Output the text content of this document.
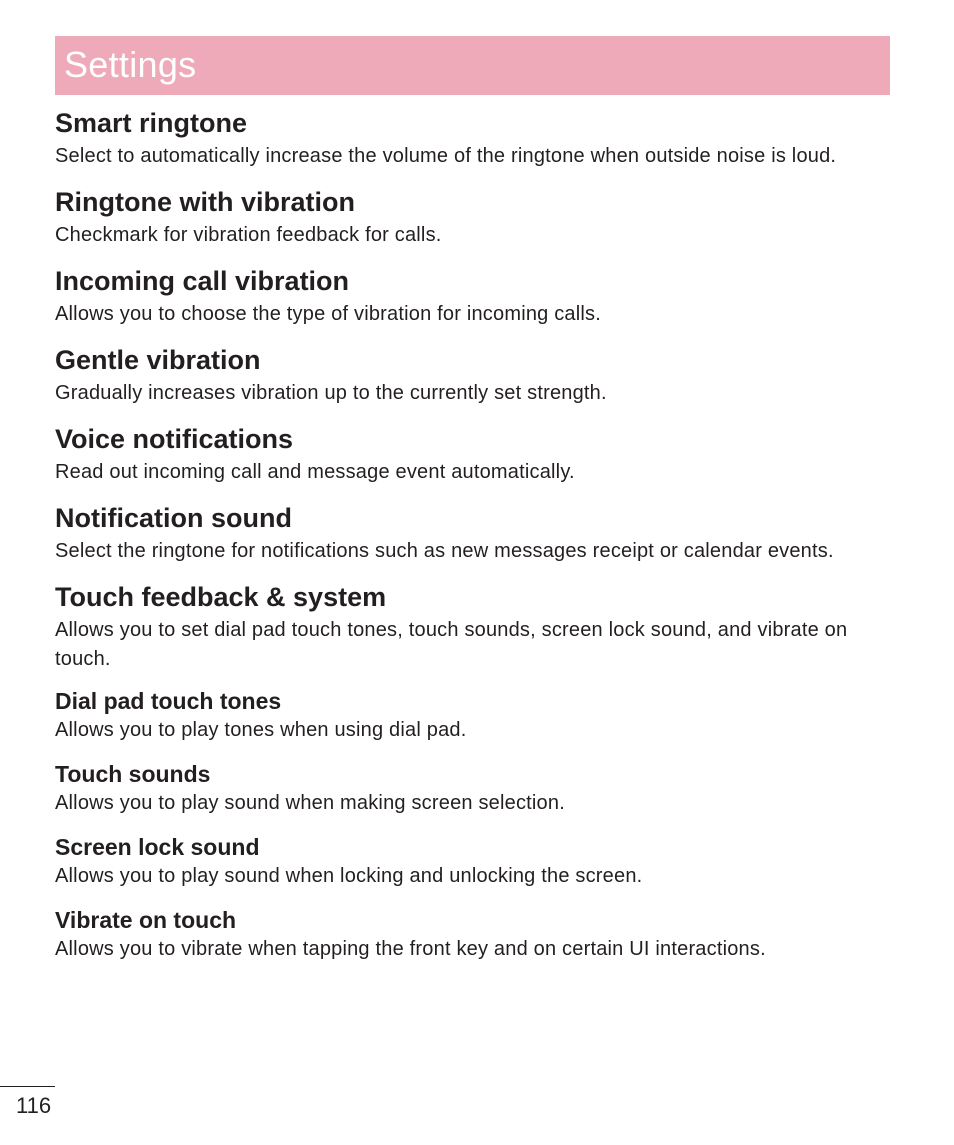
Settings
Smart ringtone

Select to automatically increase the volume of the ringtone when outside noise is loud.

Ringtone with vibration

Checkmark for vibration feedback for calls.

Incoming call vibration

Allows you to choose the type of vibration for incoming calls.

Gentle vibration

Gradually increases vibration up to the currently set strength.

Voice notifications

Read out incoming call and message event automatically.

Notification sound

Select the ringtone for notifications such as new messages receipt or calendar events.

Touch feedback & system

Allows you to set dial pad touch tones, touch sounds, screen lock sound, and vibrate on touch.

Dial pad touch tones

Allows you to play tones when using dial pad.

Touch sounds

Allows you to play sound when making screen selection.

Screen lock sound

Allows you to play sound when locking and unlocking the screen.

Vibrate on touch

Allows you to vibrate when tapping the front key and on certain UI interactions.

116
